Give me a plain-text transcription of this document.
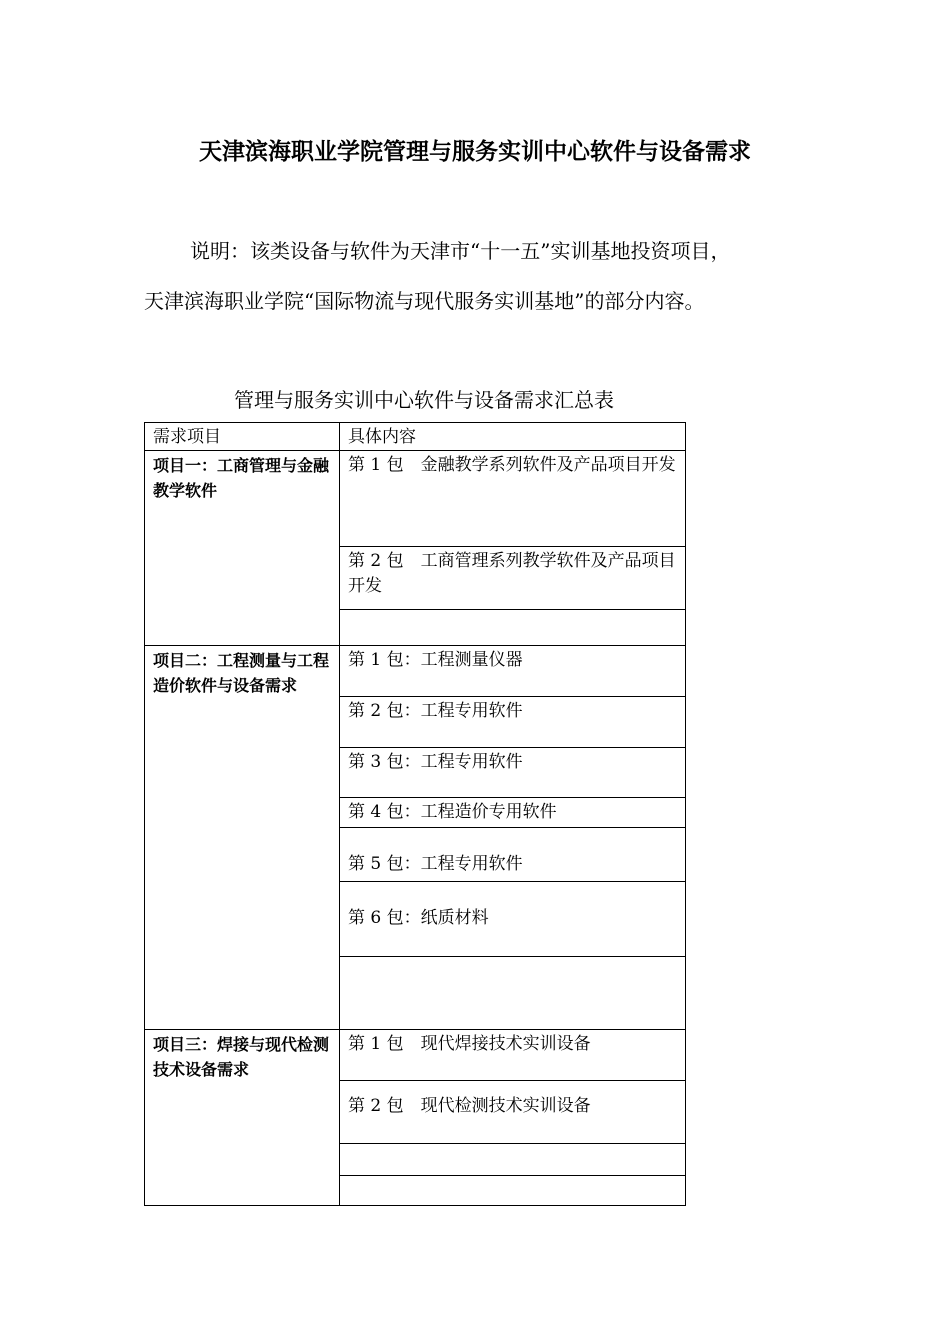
天津滨海职业学院管理与服务实训中心软件与设备需求
说明：该类设备与软件为天津市“十一五”实训基地投资项目，
天津滨海职业学院“国际物流与现代服务实训基地”的部分内容。
管理与服务实训中心软件与设备需求汇总表
需求项目	具体内容
项目一：工商管理与金融教学软件	第 1 包　金融教学系列软件及产品项目开发
	第 2 包　工商管理系列教学软件及产品项目开发

项目二：工程测量与工程造价软件与设备需求	第 1 包：工程测量仪器
	第 2 包：工程专用软件
	第 3 包：工程专用软件
	第 4 包：工程造价专用软件
	第 5 包：工程专用软件
	第 6 包：纸质材料

项目三：焊接与现代检测技术设备需求	第 1 包　现代焊接技术实训设备
	第 2 包　现代检测技术实训设备
